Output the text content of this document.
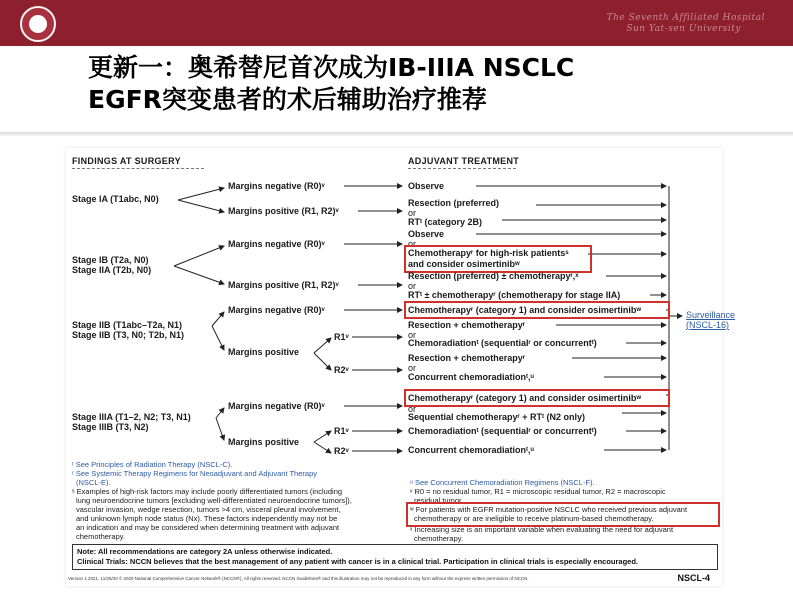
The Seventh Affiliated Hospital
Sun Yat-sen University
更新一：奥希替尼首次成为IB-IIIA NSCLC
EGFR突变患者的术后辅助治疗推荐
FINDINGS AT SURGERY	ADJUVANT TREATMENT
Stage IA (T1abc, N0)
Margins negative (R0)ᵛ
Margins positive (R1, R2)ᵛ
Observe
Resection (preferred)
or
RTᵗ (category 2B)
Stage IB (T2a, N0)
Stage IIA (T2b, N0)
Margins negative (R0)ᵛ
Margins positive (R1, R2)ᵛ
Observe
or
Chemotherapyʳ for high-risk patientsˢ
and consider osimertinibʷ
Resection (preferred) ± chemotherapyʳ,ˣ
or
RTᵗ ± chemotherapyʳ (chemotherapy for stage IIA)
Stage IIB (T1abc–T2a, N1)
Stage IIB (T3, N0; T2b, N1)
Margins negative (R0)ᵛ
Margins positive
R1ᵛ
R2ᵛ
Chemotherapyʳ (category 1) and consider osimertinibʷ
Resection + chemotherapyʳ
or
Chemoradiationᵗ (sequentialʳ or concurrentᵗ)
Resection + chemotherapyʳ
or
Concurrent chemoradiationᵗ,ᵘ
Stage IIIA (T1–2, N2; T3, N1)
Stage IIIB (T3, N2)
Margins negative (R0)ᵛ
Margins positive
R1ᵛ
R2ᵛ
Chemotherapyʳ (category 1) and consider osimertinibʷ
or
Sequential chemotherapyʳ + RTᵗ (N2 only)
Chemoradiationᵗ (sequentialʳ or concurrentᵗ)
Concurrent chemoradiationᵗ,ᵘ
Surveillance
(NSCL-16)
ᵗ See Principles of Radiation Therapy (NSCL-C).
ʳ See Systemic Therapy Regimens for Neoadjuvant and Adjuvant Therapy
(NSCL-E).
ˢ Examples of high-risk factors may include poorly differentiated tumors (including
lung neuroendocrine tumors [excluding well-differentiated neuroendocrine tumors]),
vascular invasion, wedge resection, tumors >4 cm, visceral pleural involvement,
and unknown lymph node status (Nx). These factors independently may not be
an indication and may be considered when determining treatment with adjuvant
chemotherapy.
ᵘ See Concurrent Chemoradiation Regimens (NSCL-F).
ᵛ R0 = no residual tumor, R1 = microscopic residual tumor, R2 = macroscopic
residual tumor.
ʷ For patients with EGFR mutation-positive NSCLC who received previous adjuvant
chemotherapy or are ineligible to receive platinum-based chemotherapy.
ˣ Increasing size is an important variable when evaluating the need for adjuvant
chemotherapy.
Note: All recommendations are category 2A unless otherwise indicated.
Clinical Trials: NCCN believes that the best management of any patient with cancer is in a clinical trial. Participation in clinical trials is especially encouraged.
Version 1.2021, 11/25/20 © 2020 National Comprehensive Cancer Network® (NCCN®), All rights reserved. NCCN Guidelines® and this illustration may not be reproduced in any form without the express written permission of NCCN.	NSCL-4
